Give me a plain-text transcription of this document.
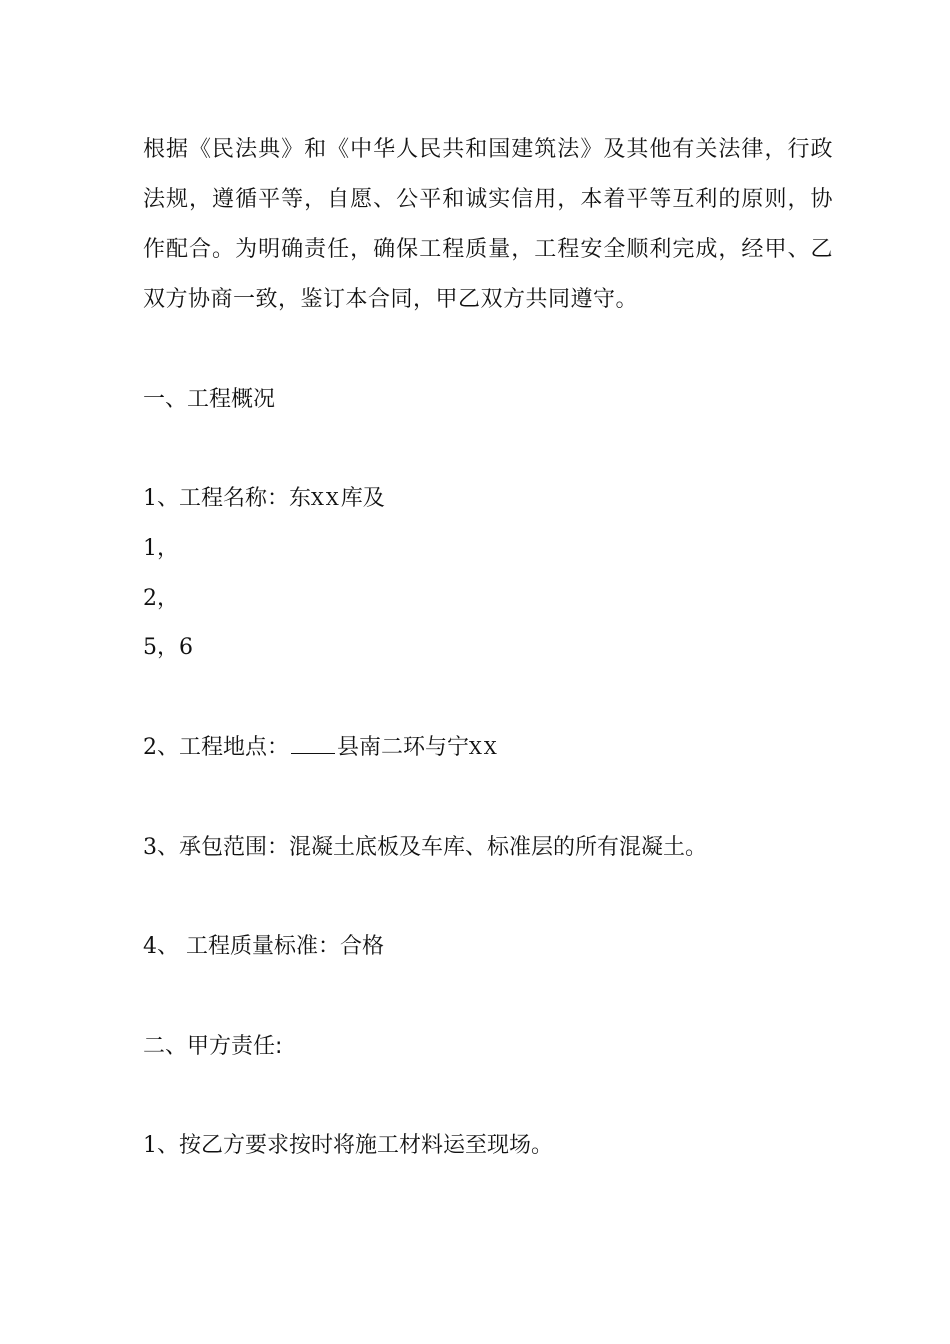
根据《民法典》和《中华人民共和国建筑法》及其他有关法律，行政法规，遵循平等，自愿、公平和诚实信用，本着平等互利的原则，协作配合。为明确责任，确保工程质量，工程安全顺利完成，经甲、乙双方协商一致，鉴订本合同，甲乙双方共同遵守。
一、工程概况
1、工程名称：东XX库及
1，
2，
5，6
2、工程地点： 县南二环与宁XX
3、承包范围：混凝土底板及车库、标准层的所有混凝土。
4、 工程质量标准：合格
二、甲方责任:
1、按乙方要求按时将施工材料运至现场。
